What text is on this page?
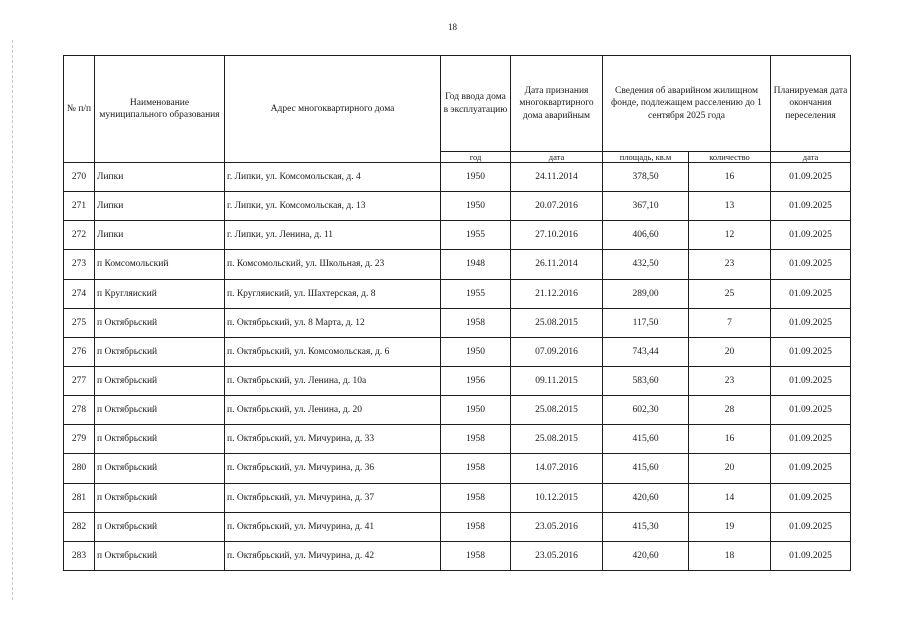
18
№ п/п	Наименование муниципального образования	Адрес многоквартирного дома	Год ввода дома в эксплуатацию	Дата признания многоквартирного дома аварийным	Сведения об аварийном жилищном фонде, подлежащем расселению до 1 сентября 2025 года		Планируемая дата окончания переселения
			год	дата	площадь, кв.м	количество	дата
270	Липки	г. Липки, ул. Комсомольская, д. 4	1950	24.11.2014	378,50	16	01.09.2025
271	Липки	г. Липки, ул. Комсомольская, д. 13	1950	20.07.2016	367,10	13	01.09.2025
272	Липки	г. Липки, ул. Ленина, д. 11	1955	27.10.2016	406,60	12	01.09.2025
273	п Комсомольский	п. Комсомольский, ул. Школьная, д. 23	1948	26.11.2014	432,50	23	01.09.2025
274	п Кругляиский	п. Кругляиский, ул. Шахтерская, д. 8	1955	21.12.2016	289,00	25	01.09.2025
275	п Октябрьский	п. Октябрьский, ул. 8 Марта, д. 12	1958	25.08.2015	117,50	7	01.09.2025
276	п Октябрьский	п. Октябрьский, ул. Комсомольская, д. 6	1950	07.09.2016	743,44	20	01.09.2025
277	п Октябрьский	п. Октябрьский, ул. Ленина, д. 10а	1956	09.11.2015	583,60	23	01.09.2025
278	п Октябрьский	п. Октябрьский, ул. Ленина, д. 20	1950	25.08.2015	602,30	28	01.09.2025
279	п Октябрьский	п. Октябрьский, ул. Мичурина, д. 33	1958	25.08.2015	415,60	16	01.09.2025
280	п Октябрьский	п. Октябрьский, ул. Мичурина, д. 36	1958	14.07.2016	415,60	20	01.09.2025
281	п Октябрьский	п. Октябрьский, ул. Мичурина, д. 37	1958	10.12.2015	420,60	14	01.09.2025
282	п Октябрьский	п. Октябрьский, ул. Мичурина, д. 41	1958	23.05.2016	415,30	19	01.09.2025
283	п Октябрьский	п. Октябрьский, ул. Мичурина, д. 42	1958	23.05.2016	420,60	18	01.09.2025
